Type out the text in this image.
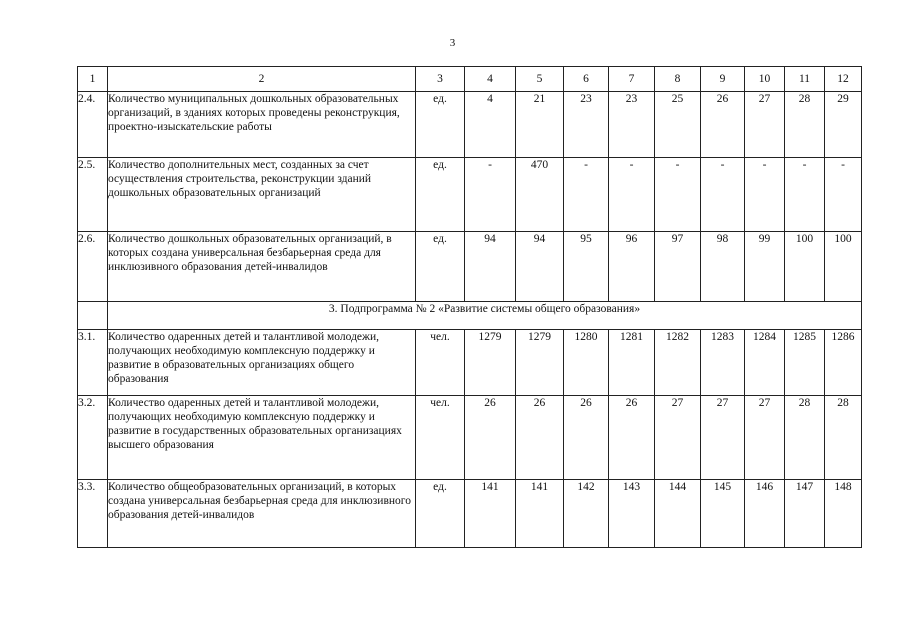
3
1	2	3	4	5	6	7	8	9	10	11	12
2.4.	Количество муниципальных дошкольных образовательных организаций, в зданиях которых проведены реконструкция, проектно-изыскательские работы	ед.	4	21	23	23	25	26	27	28	29
2.5.	Количество дополнительных мест, созданных за счет осуществления строительства, реконструкции зданий дошкольных образовательных организаций	ед.	-	470	-	-	-	-	-	-	-
2.6.	Количество дошкольных образовательных организаций, в которых создана универсальная безбарьерная среда для инклюзивного образования детей-инвалидов	ед.	94	94	95	96	97	98	99	100	100
	3. Подпрограмма № 2 «Развитие системы общего образования»										
3.1.	Количество одаренных детей и талантливой молодежи, получающих необходимую комплексную поддержку и развитие в образовательных организациях общего образования	чел.	1279	1279	1280	1281	1282	1283	1284	1285	1286
3.2.	Количество одаренных детей и талантливой молодежи, получающих необходимую комплексную поддержку и развитие в государственных образовательных организациях высшего образования	чел.	26	26	26	26	27	27	27	28	28
3.3.	Количество общеобразовательных организаций, в которых создана универсальная безбарьерная среда для инклюзивного образования детей-инвалидов	ед.	141	141	142	143	144	145	146	147	148
